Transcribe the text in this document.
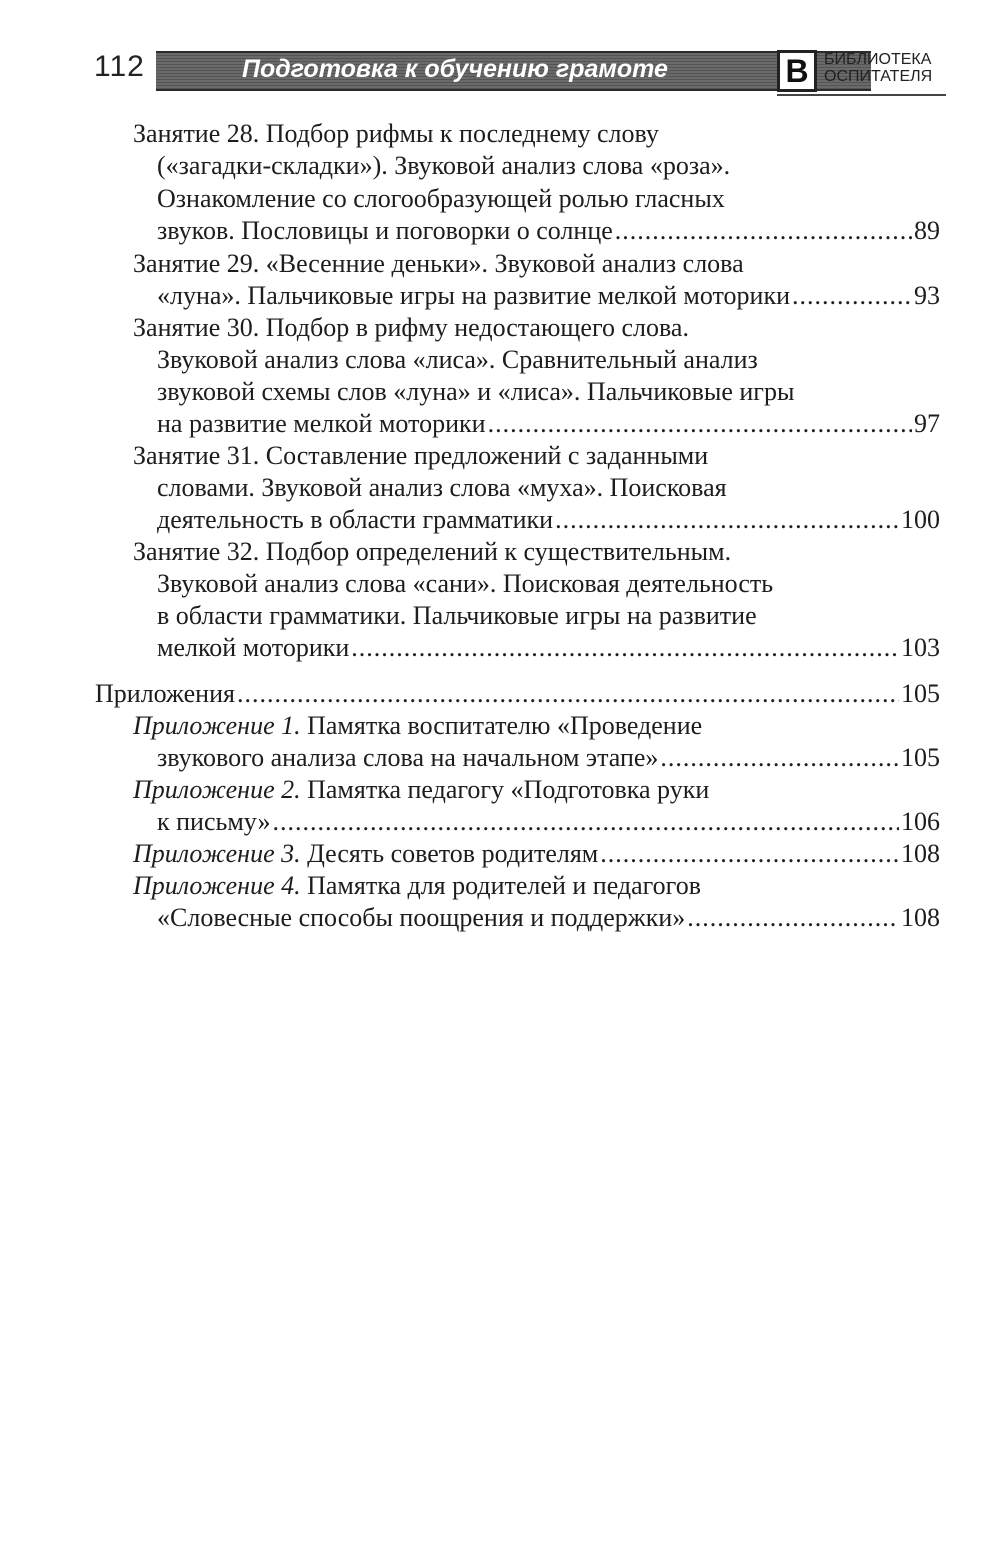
112	Подготовка к обучению грамоте	В БИБЛИОТЕКА
ОСПИТАТЕЛЯ
Занятие 28. Подбор рифмы к последнему слову
(«загадки-складки»). Звуковой анализ слова «роза».
Ознакомление со слогообразующей ролью гласных
звуков. Пословицы и поговорки о солнце .....	89
Занятие 29. «Весенние деньки». Звуковой анализ слова
«луна». Пальчиковые игры на развитие мелкой моторики .....	93
Занятие 30. Подбор в рифму недостающего слова.
Звуковой анализ слова «лиса». Сравнительный анализ
звуковой схемы слов «луна» и «лиса». Пальчиковые игры
на развитие мелкой моторики .....	97
Занятие 31. Составление предложений с заданными
словами. Звуковой анализ слова «муха». Поисковая
деятельность в области грамматики .....	100
Занятие 32. Подбор определений к существительным.
Звуковой анализ слова «сани». Поисковая деятельность
в области грамматики. Пальчиковые игры на развитие
мелкой моторики .....	103
Приложения .....	105
Приложение 1. Памятка воспитателю «Проведение
звукового анализа слова на начальном этапе» .....	105
Приложение 2. Памятка педагогу «Подготовка руки
к письму» .....	106
Приложение 3. Десять советов родителям .....	108
Приложение 4. Памятка для родителей и педагогов
«Словесные способы поощрения и поддержки» .....	108
